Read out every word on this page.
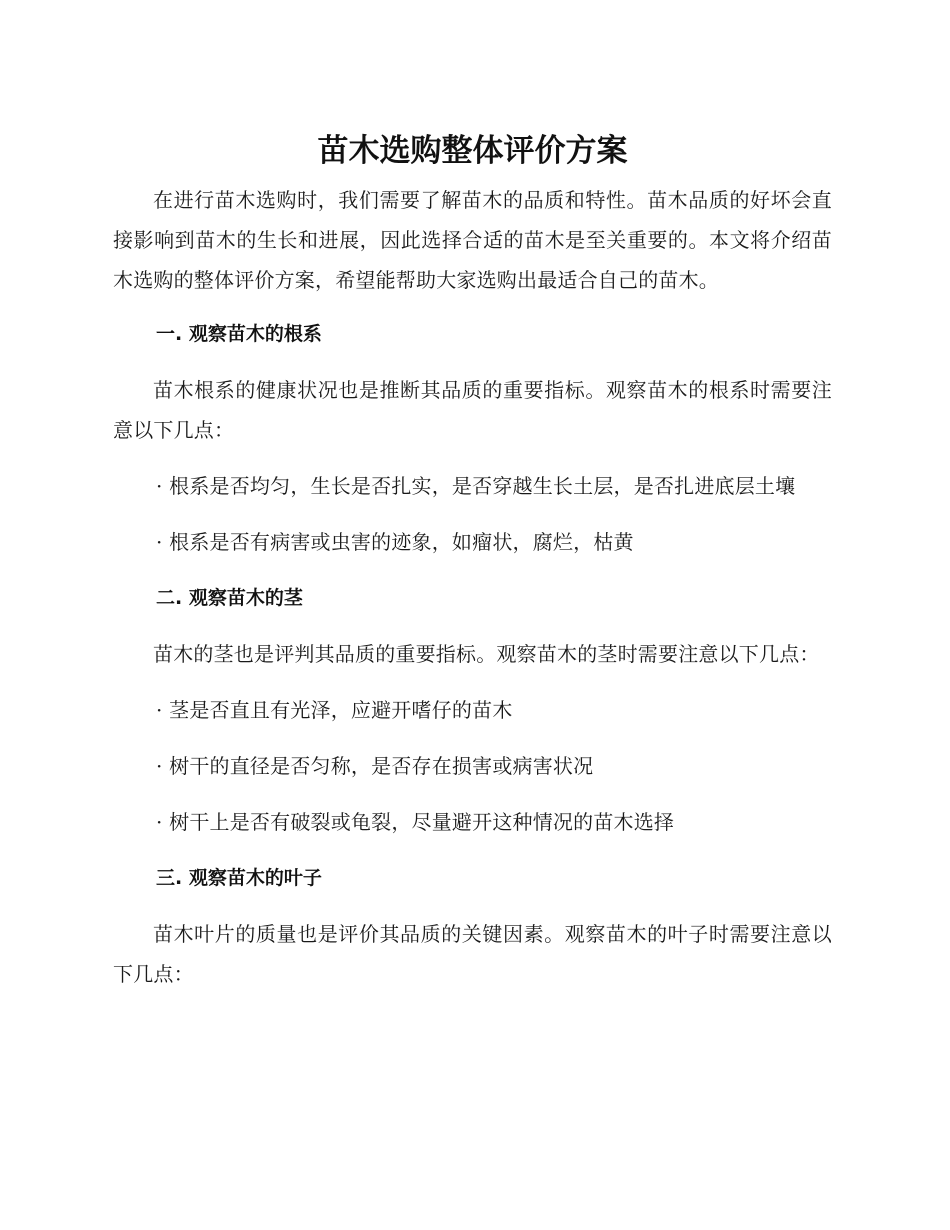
苗木选购整体评价方案

在进行苗木选购时，我们需要了解苗木的品质和特性。苗木品质的好坏会直接影响到苗木的生长和进展，因此选择合适的苗木是至关重要的。本文将介绍苗木选购的整体评价方案，希望能帮助大家选购出最适合自己的苗木。

一. 观察苗木的根系

苗木根系的健康状况也是推断其品质的重要指标。观察苗木的根系时需要注意以下几点：

· 根系是否均匀，生长是否扎实，是否穿越生长土层，是否扎进底层土壤

· 根系是否有病害或虫害的迹象，如瘤状，腐烂，枯黄

二. 观察苗木的茎

苗木的茎也是评判其品质的重要指标。观察苗木的茎时需要注意以下几点：

· 茎是否直且有光泽，应避开嗜仔的苗木

· 树干的直径是否匀称，是否存在损害或病害状况

· 树干上是否有破裂或龟裂，尽量避开这种情况的苗木选择

三. 观察苗木的叶子

苗木叶片的质量也是评价其品质的关键因素。观察苗木的叶子时需要注意以下几点：
